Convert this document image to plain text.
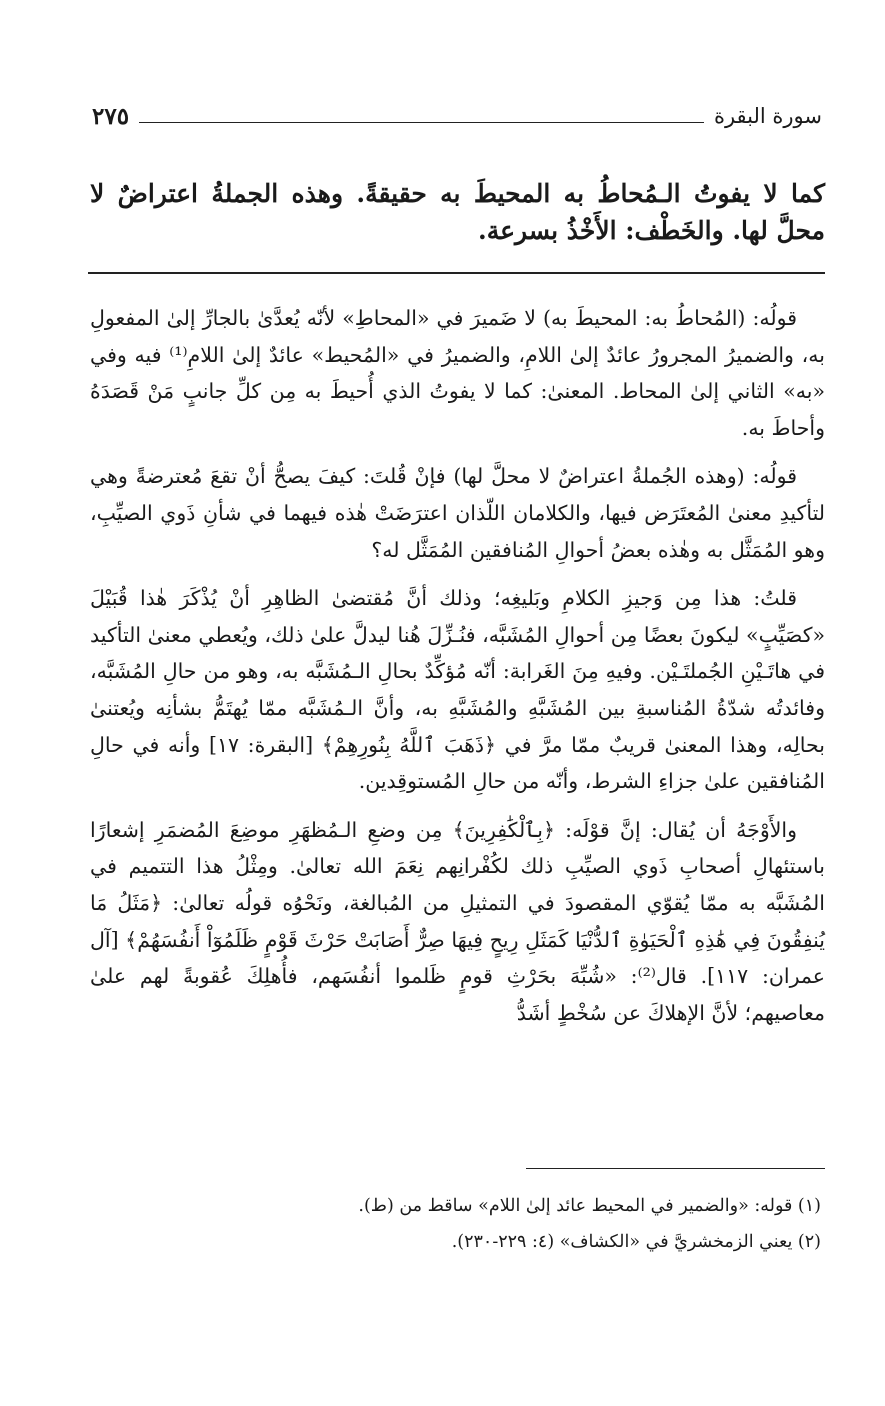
سورة البقرة
٢٧٥
كما لا يفوتُ الـمُحاطُ به المحيطَ به حقيقةً. وهذه الجملةُ اعتراضٌ لا محلَّ لها. والخَطْف: الأَخْذُ بسرعة.

قولُه: (المُحاطُ به: المحيطَ به) لا ضَميرَ في «المحاطِ» لأنّه يُعدَّىٰ بالجارِّ إلىٰ المفعولِ به، والضميرُ المجرورُ عائدٌ إلىٰ اللامِ، والضميرُ في «المُحيط» عائدٌ إلىٰ اللامِ⁽¹⁾ فيه وفي «به» الثاني إلىٰ المحاط. المعنىٰ: كما لا يفوتُ الذي أُحيطَ به مِن كلِّ جانبٍ مَنْ قَصَدَهُ وأحاطَ به.

قولُه: (وهذه الجُملةُ اعتراضٌ لا محلَّ لها) فإنْ قُلتَ: كيفَ يصحُّ أنْ تقعَ مُعترضةً وهي لتأكيدِ معنىٰ المُعتَرَض فيها، والكلامان اللّذان اعترَضَتْ هٰذه فيهما في شأنِ ذَوي الصيِّبِ، وهو المُمَثَّل به وهٰذه بعضُ أحوالِ المُنافقين المُمَثَّل له؟

قلتُ: هذا مِن وَجيزِ الكلامِ وبَليغِه؛ وذلك أنَّ مُقتضىٰ الظاهِرِ أنْ يُذْكَرَ هٰذا قُبَيْلَ «كصَيِّبٍ» ليكونَ بعضًا مِن أحوالِ المُشَبَّه، فنُـزِّلَ هُنا ليدلَّ علىٰ ذلك، ويُعطي معنىٰ التأكيد في هاتَـيْنِ الجُملتَـيْن. وفيهِ مِنَ الغَرابة: أنّه مُؤكِّدٌ بحالِ الـمُشَبَّه به، وهو من حالِ المُشَبَّه، وفائدتُه شدّةُ المُناسبةِ بين المُشَبَّهِ والمُشَبَّهِ به، وأنَّ الـمُشَبَّه ممّا يُهتَمُّ بشأنِه ويُعتنىٰ بحالِه، وهذا المعنىٰ قريبٌ ممّا مرَّ في ﴿ذَهَبَ ٱللَّهُ بِنُورِهِمْ﴾ [البقرة: ١٧] وأنه في حالِ المُنافقين علىٰ جزاءِ الشرط، وأنّه من حالِ المُستوقِدين.

والأَوْجَهُ أن يُقال: إنَّ قوْلَه: ﴿بِٱلْكَٰفِرِينَ﴾ مِن وضعِ الـمُظهَرِ موضِعَ المُضمَرِ إشعارًا باستئهالِ أصحابِ ذَوي الصيِّبِ ذلك لكُفْرانِهم نِعَمَ الله تعالىٰ. ومِثْلُ هذا التتميم في المُشَبَّه به ممّا يُقوّي المقصودَ في التمثيلِ من المُبالغة، ونَحْوُه قولُه تعالىٰ: ﴿مَثَلُ مَا يُنفِقُونَ فِي هَٰذِهِ ٱلْحَيَوٰةِ ٱلدُّنْيَا كَمَثَلِ رِيحٍ فِيهَا صِرٌّ أَصَابَتْ حَرْثَ قَوْمٍ ظَلَمُوٓاْ أَنفُسَهُمْ﴾ [آل عمران: ١١٧]. قال⁽²⁾: «شُبِّهَ بحَرْثِ قومٍ ظَلموا أنفُسَهم، فأُهلِكَ عُقوبةً لهم علىٰ معاصيهم؛ لأنَّ الإهلاكَ عن سُخْطٍ أشَدُّ

(١) قوله: «والضمير في المحيط عائد إلىٰ اللام» ساقط من (ط).

(٢) يعني الزمخشريَّ في «الكشاف» (٤: ٢٢٩-٢٣٠).
